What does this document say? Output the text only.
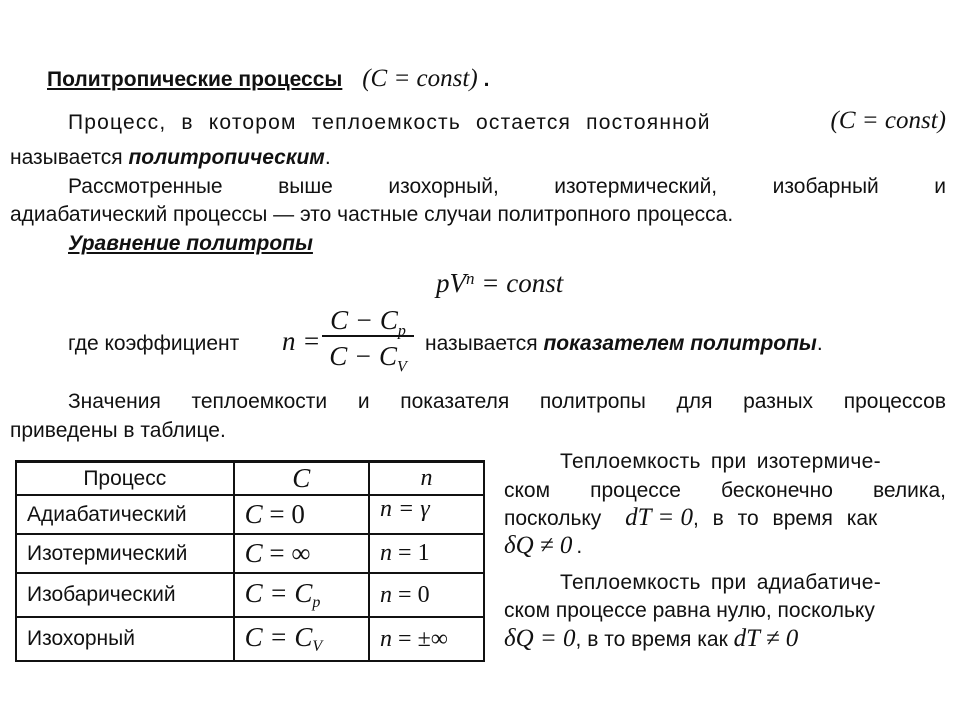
Политропические процессы (C = const) .
Процесс, в котором теплоемкость остается постоянной	(C = const)
называется политропическим.
Рассмотренные выше изохорный, изотермический, изобарный и
адиабатический процессы — это частные случаи политропного процесса.
Уравнение политропы
$pV^n$ = const
где коэффициент n =
$C - C_p$
$C - C_V$
называется показателем политропы.
Значения теплоемкости и показателя политропы для разных процессов
приведены в таблице.
Процесс	C	n
Адиабатический	C = 0	n = γ
Изотермический	C = ∞	n = 1
Изобарический	$C = C_p$	n = 0
Изохорный	$C = C_V$	n = ±∞
Теплоемкость при изотермиче-
ском процессе бесконечно велика,
поскольку dT = 0, в то время как
δQ ≠ 0 .
Теплоемкость при адиабатиче-
ском процессе равна нулю, поскольку
δQ = 0, в то время как dT ≠ 0
